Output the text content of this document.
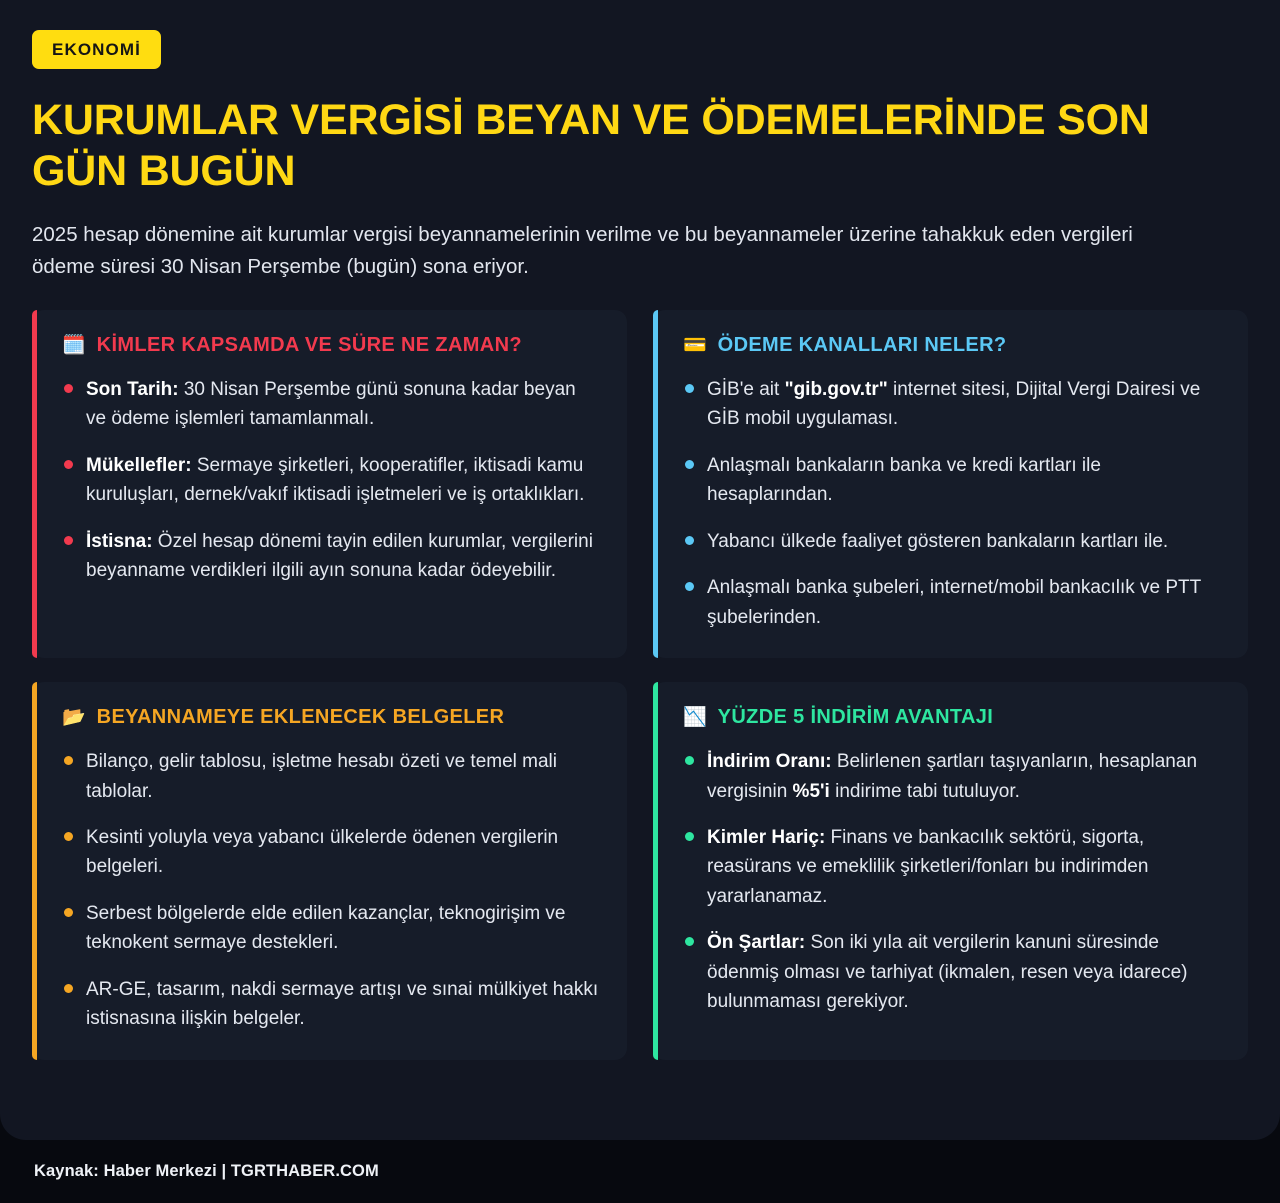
EKONOMİ
KURUMLAR VERGİSİ BEYAN VE ÖDEMELERİNDE SON GÜN BUGÜN

2025 hesap dönemine ait kurumlar vergisi beyannamelerinin verilme ve bu beyannameler üzerine tahakkuk eden vergileri ödeme süresi 30 Nisan Perşembe (bugün) sona eriyor.

🗓️ KİMLER KAPSAMDA VE SÜRE NE ZAMAN?
Son Tarih: 30 Nisan Perşembe günü sonuna kadar beyan ve ödeme işlemleri tamamlanmalı.
Mükellefler: Sermaye şirketleri, kooperatifler, iktisadi kamu kuruluşları, dernek/vakıf iktisadi işletmeleri ve iş ortaklıkları.
İstisna: Özel hesap dönemi tayin edilen kurumlar, vergilerini beyanname verdikleri ilgili ayın sonuna kadar ödeyebilir.
💳 ÖDEME KANALLARI NELER?
GİB'e ait "gib.gov.tr" internet sitesi, Dijital Vergi Dairesi ve GİB mobil uygulaması.
Anlaşmalı bankaların banka ve kredi kartları ile hesaplarından.
Yabancı ülkede faaliyet gösteren bankaların kartları ile.
Anlaşmalı banka şubeleri, internet/mobil bankacılık ve PTT şubelerinden.
📂 BEYANNAMEYE EKLENECEK BELGELER
Bilanço, gelir tablosu, işletme hesabı özeti ve temel mali tablolar.
Kesinti yoluyla veya yabancı ülkelerde ödenen vergilerin belgeleri.
Serbest bölgelerde elde edilen kazançlar, teknogirişim ve teknokent sermaye destekleri.
AR-GE, tasarım, nakdi sermaye artışı ve sınai mülkiyet hakkı istisnasına ilişkin belgeler.
📉 YÜZDE 5 İNDİRİM AVANTAJI
İndirim Oranı: Belirlenen şartları taşıyanların, hesaplanan vergisinin %5'i indirime tabi tutuluyor.
Kimler Hariç: Finans ve bankacılık sektörü, sigorta, reasürans ve emeklilik şirketleri/fonları bu indirimden yararlanamaz.
Ön Şartlar: Son iki yıla ait vergilerin kanuni süresinde ödenmiş olması ve tarhiyat (ikmalen, resen veya idarece) bulunmaması gerekiyor.
Kaynak: Haber Merkezi | TGRTHABER.COM
